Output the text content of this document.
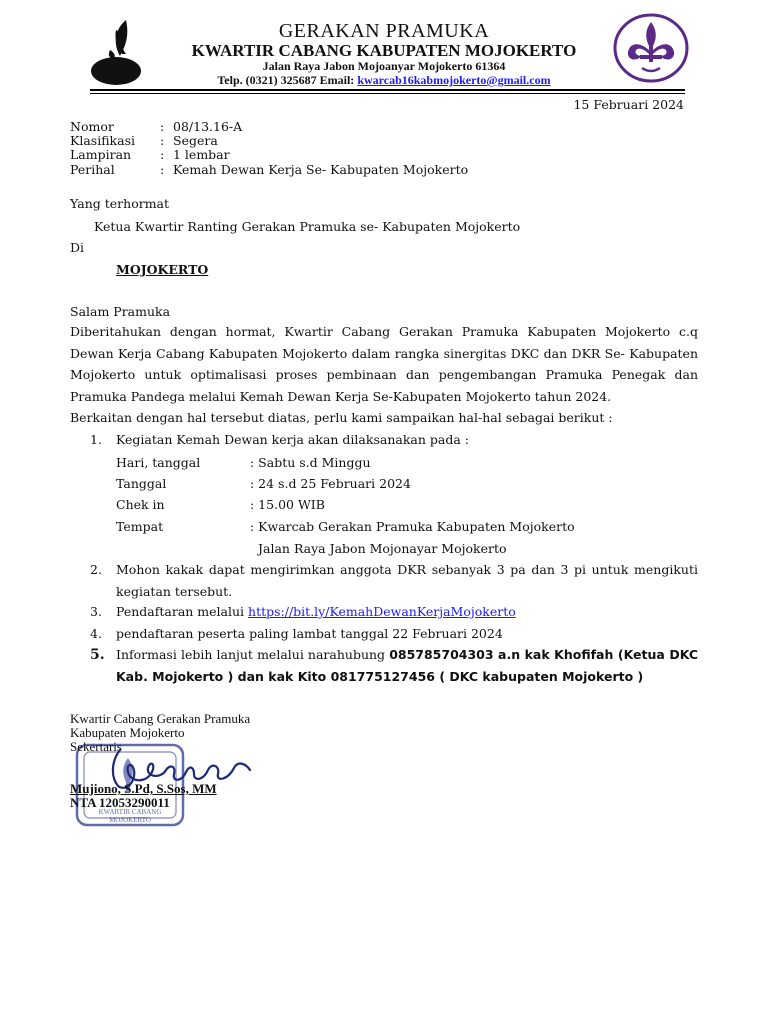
GERAKAN PRAMUKA
KWARTIR CABANG KABUPATEN MOJOKERTO
Jalan Raya Jabon Mojoanyar Mojokerto 61364
Telp. (0321) 325687 Email: kwarcab16kabmojokerto@gmail.com
15 Februari 2024
Nomor	: 08/13.16-A
Klasifikasi : Segera
Lampiran : 1 lembar
Perihal	: Kemah Dewan Kerja Se- Kabupaten Mojokerto
Yang terhormat
Ketua Kwartir Ranting Gerakan Pramuka se- Kabupaten Mojokerto
Di
MOJOKERTO
Salam Pramuka
Diberitahukan dengan hormat, Kwartir Cabang Gerakan Pramuka Kabupaten Mojokerto c.q Dewan Kerja Cabang Kabupaten Mojokerto dalam rangka sinergitas DKC dan DKR Se- Kabupaten Mojokerto untuk optimalisasi proses pembinaan dan pengembangan Pramuka Penegak dan Pramuka Pandega melalui Kemah Dewan Kerja Se-Kabupaten Mojokerto tahun 2024.
Berkaitan dengan hal tersebut diatas, perlu kami sampaikan hal-hal sebagai berikut :
1. Kegiatan Kemah Dewan kerja akan dilaksanakan pada :
Hari, tanggal	: Sabtu s.d Minggu
Tanggal	: 24 s.d 25 Februari 2024
Chek in	: 15.00 WIB
Tempat	: Kwarcab Gerakan Pramuka Kabupaten Mojokerto
Jalan Raya Jabon Mojonayar Mojokerto
2. Mohon kakak dapat mengirimkan anggota DKR sebanyak 3 pa dan 3 pi untuk mengikuti kegiatan tersebut.
3. Pendaftaran melalui https://bit.ly/KemahDewanKerjaMojokerto
4. pendaftaran peserta paling lambat tanggal 22 Februari 2024
5. Informasi lebih lanjut melalui narahubung 085785704303 a.n kak Khofifah (Ketua DKC Kab. Mojokerto ) dan kak Kito 081775127456 ( DKC kabupaten Mojokerto )
KWARTIR CABANG MOJOKERTO
Kwartir Cabang Gerakan Pramuka
Kabupaten Mojokerto
Sekertaris
Mujiono, S.Pd, S.Sos, MM
NTA 12053290011
